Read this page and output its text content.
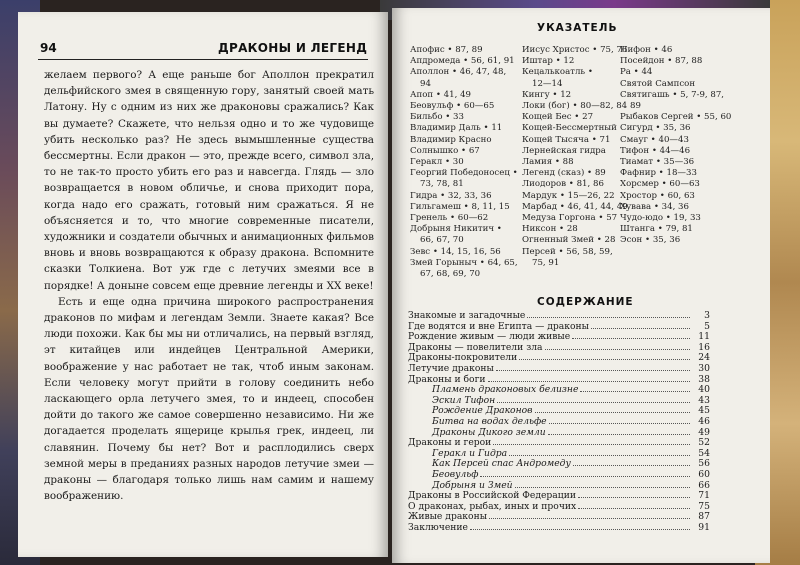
94	ДРАКОНЫ И ЛЕГЕНД

желаем первого? А еще раньше бог Аполлон прекратил дельфийского змея в священную гору, занятый своей мать Латону. Ну с одним из них же драконовы сражались? Как вы думаете? Скажете, что нельзя одно и то же чудовище убить несколько раз? Не здесь вымышленные существа бессмертны. Если дракон — это, прежде всего, символ зла, то не так-то просто убить его раз и навсегда. Глядь — зло возвращается в новом обличье, и снова приходит пора, когда надо его сражать, готовый ним сражаться. Я не объясняется и то, что многие современные писатели, художники и создатели обычных и анимационных фильмов вновь и вновь возвращаются к образу дракона. Вспомните сказки Толкиена. Вот уж где с летучих змеями все в порядке! А доныне совсем еще древние легенды и XX веке!

Есть и еще одна причина широкого распространения драконов по мифам и легендам Земли. Знаете какая? Все люди похожи. Как бы мы ни отличались, на первый взгляд, эт китайцев или индейцев Центральной Америки, воображение у нас работает не так, чтоб иным законам. Если человеку могут прийти в голову соединить небо ласкающего орла летучего змея, то и индеец, способен дойти до такого же самое совершенно независимо. Ни же догадается проделать ящерице крылья грек, индеец, ли славянин. Почему бы нет? Вот и расплодились сверх земной меры в преданиях разных народов летучие змеи — драконы — благодаря только лишь нам самим и нашему воображению.

УКАЗАТЕЛЬ
Апофис • 87, 89
Апдромеда • 56, 61, 91
Аполлон • 46, 47, 48,
94
Апоп • 41, 49
Беовульф • 60—65
Бильбо • 33
Владимир Даль • 11
Владимир Красно
Солнышко • 67
Геракл • 30
Георгий Победоносец •
73, 78, 81
Гидра • 32, 33, 36
Гильгамеш • 8, 11, 15
Гренель • 60—62
Добрыня Никитич •
66, 67, 70
Зевс • 14, 15, 16, 56
Змей Горыныч • 64, 65,
67, 68, 69, 70
Иисус Христос • 75, 76
Иштар • 12
Кецалькоатль •
12—14
Кингу • 12
Локи (бог) • 80—82, 84
Кощей Бес • 27
Кощей-Бессмертный
Кощей Тысяча • 71
Лернейская гидра
Ламия • 88
Легенд (сказ) • 89
Лиодоров • 81, 86
Мардук • 15—26, 22
Марбад • 46, 41, 44, 49
Медуза Горгона • 57
Никсон • 28
Огненный Змей • 28
Персей • 56, 58, 59,
75, 91
Пифон • 46
Посейдон • 87, 88
Ра • 44
Святой Сампсон
Святигашь • 5, 7-9, 87,
89
Рыбаков Сергей • 55, 60
Сигурд • 35, 36
Смауг • 40—43
Тифон • 44—46
Тиамат • 35—36
Фафнир • 18—33
Хорсмер • 60—63
Хростор • 60, 63
Хувава • 34, 36
Чудо-юдо • 19, 33
Штанга • 79, 81
Эсон • 35, 36
СОДЕРЖАНИЕ
Знакомые и загадочные	3
Где водятся и вне Египта — драконы	5
Рождение живым — люди живые	11
Драконы — повелители зла	16
Драконы-покровители	24
Летучие драконы	30
Драконы и боги	38
Пламень драконовых белизне	40
Эскил Тифон	43
Рождение Драконов	45
Битва на водах дельфе	46
Драконы Дикого земли	49
Драконы и герои	52
Геракл и Гидра	54
Как Персей спас Андромеду	56
Беовульф	60
Добрыня и Змей	66
Драконы в Российской Федерации	71
О драконах, рыбах, иных и прочих	75
Живые драконы	87
Заключение	91
